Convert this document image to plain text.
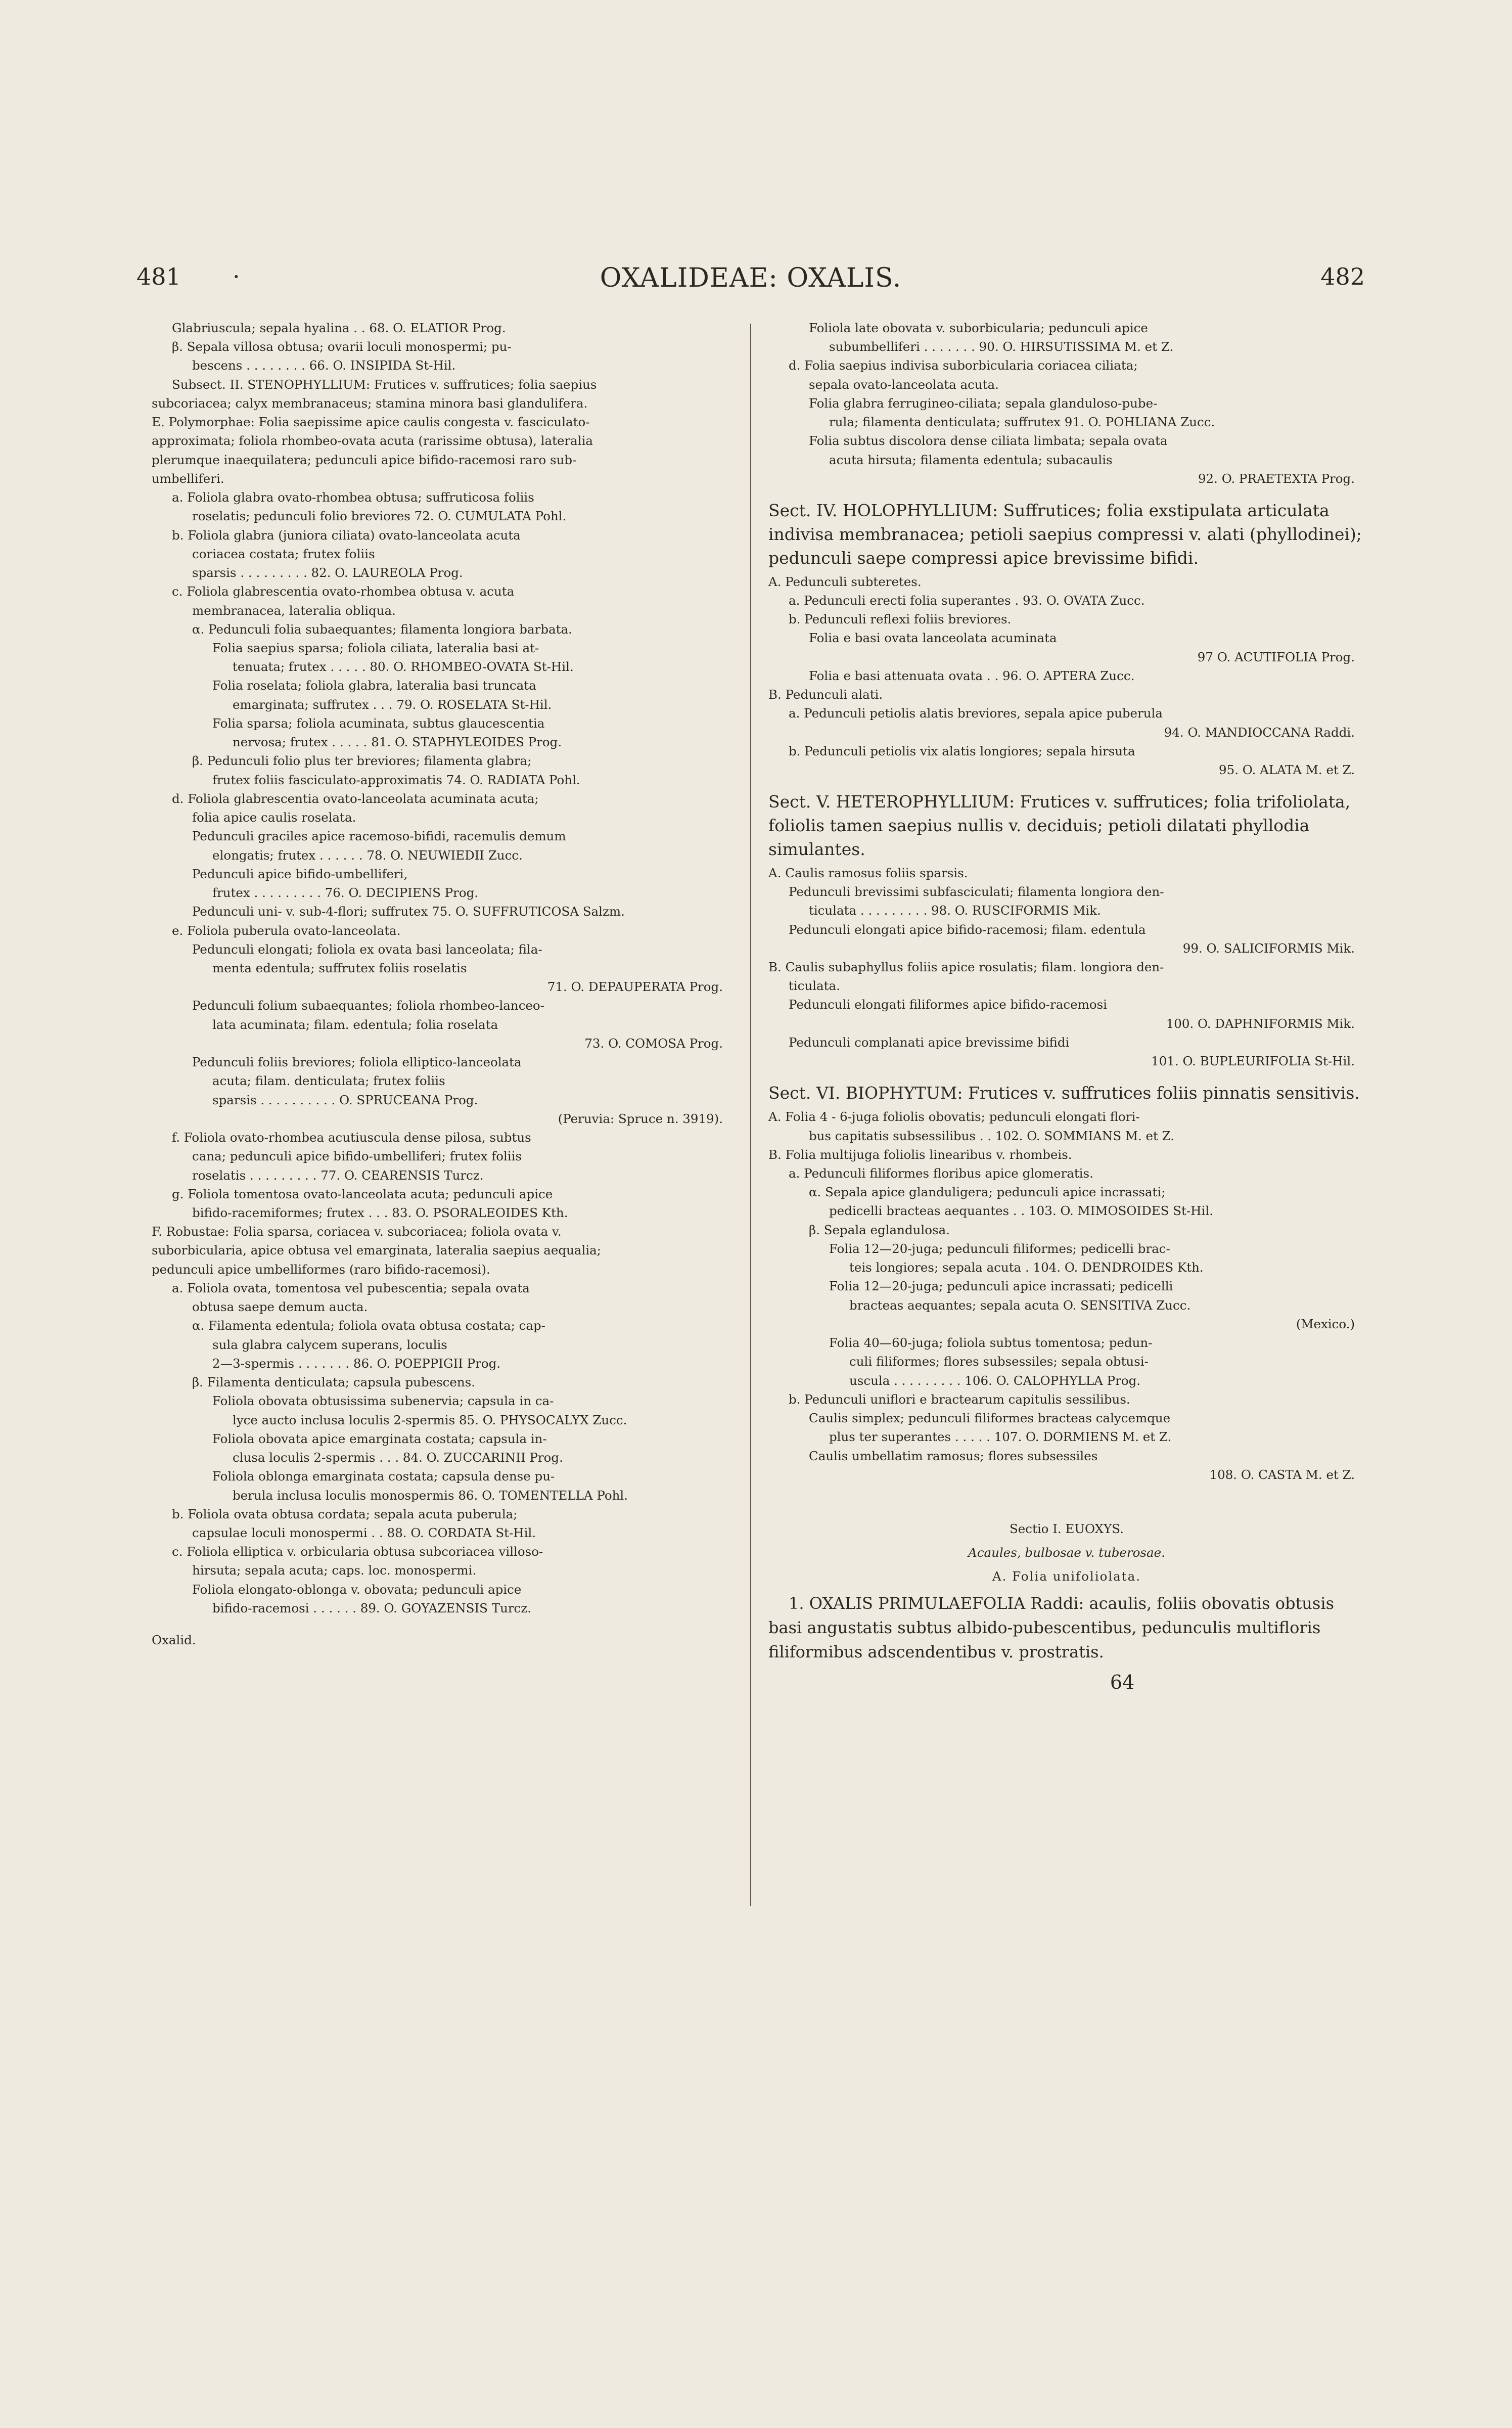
481 ·	OXALIDEAE: OXALIS.	482

Glabriuscula; sepala hyalina . . 68. O. ELATIOR Prog.

β. Sepala villosa obtusa; ovarii loculi monospermi; pu-

bescens . . . . . . . . 66. O. INSIPIDA St-Hil.

Subsect. II. STENOPHYLLIUM: Frutices v. suffrutices; folia saepius

subcoriacea; calyx membranaceus; stamina minora basi glandulifera.

E. Polymorphae: Folia saepissime apice caulis congesta v. fasciculato-

approximata; foliola rhombeo-ovata acuta (rarissime obtusa), lateralia

plerumque inaequilatera; pedunculi apice bifido-racemosi raro sub-

umbelliferi.

a. Foliola glabra ovato-rhombea obtusa; suffruticosa foliis

roselatis; pedunculi folio breviores 72. O. CUMULATA Pohl.

b. Foliola glabra (juniora ciliata) ovato-lanceolata acuta

coriacea costata; frutex foliis

sparsis . . . . . . . . . 82. O. LAUREOLA Prog.

c. Foliola glabrescentia ovato-rhombea obtusa v. acuta

membranacea, lateralia obliqua.

α. Pedunculi folia subaequantes; filamenta longiora barbata.

Folia saepius sparsa; foliola ciliata, lateralia basi at-

tenuata; frutex . . . . . 80. O. RHOMBEO-OVATA St-Hil.

Folia roselata; foliola glabra, lateralia basi truncata

emarginata; suffrutex . . . 79. O. ROSELATA St-Hil.

Folia sparsa; foliola acuminata, subtus glaucescentia

nervosa; frutex . . . . . 81. O. STAPHYLEOIDES Prog.

β. Pedunculi folio plus ter breviores; filamenta glabra;

frutex foliis fasciculato-approximatis 74. O. RADIATA Pohl.

d. Foliola glabrescentia ovato-lanceolata acuminata acuta;

folia apice caulis roselata.

Pedunculi graciles apice racemoso-bifidi, racemulis demum

elongatis; frutex . . . . . . 78. O. NEUWIEDII Zucc.

Pedunculi apice bifido-umbelliferi,

frutex . . . . . . . . . 76. O. DECIPIENS Prog.

Pedunculi uni- v. sub-4-flori; suffrutex 75. O. SUFFRUTICOSA Salzm.

e. Foliola puberula ovato-lanceolata.

Pedunculi elongati; foliola ex ovata basi lanceolata; fila-

menta edentula; suffrutex foliis roselatis

71. O. DEPAUPERATA Prog.

Pedunculi folium subaequantes; foliola rhombeo-lanceo-

lata acuminata; filam. edentula; folia roselata

73. O. COMOSA Prog.

Pedunculi foliis breviores; foliola elliptico-lanceolata

acuta; filam. denticulata; frutex foliis

sparsis . . . . . . . . . . O. SPRUCEANA Prog.

(Peruvia: Spruce n. 3919).

f. Foliola ovato-rhombea acutiuscula dense pilosa, subtus

cana; pedunculi apice bifido-umbelliferi; frutex foliis

roselatis . . . . . . . . . 77. O. CEARENSIS Turcz.

g. Foliola tomentosa ovato-lanceolata acuta; pedunculi apice

bifido-racemiformes; frutex . . . 83. O. PSORALEOIDES Kth.

F. Robustae: Folia sparsa, coriacea v. subcoriacea; foliola ovata v.

suborbicularia, apice obtusa vel emarginata, lateralia saepius aequalia;

pedunculi apice umbelliformes (raro bifido-racemosi).

a. Foliola ovata, tomentosa vel pubescentia; sepala ovata

obtusa saepe demum aucta.

α. Filamenta edentula; foliola ovata obtusa costata; cap-

sula glabra calycem superans, loculis

2—3-spermis . . . . . . . 86. O. POEPPIGII Prog.

β. Filamenta denticulata; capsula pubescens.

Foliola obovata obtusissima subenervia; capsula in ca-

lyce aucto inclusa loculis 2-spermis 85. O. PHYSOCALYX Zucc.

Foliola obovata apice emarginata costata; capsula in-

clusa loculis 2-spermis . . . 84. O. ZUCCARINII Prog.

Foliola oblonga emarginata costata; capsula dense pu-

berula inclusa loculis monospermis 86. O. TOMENTELLA Pohl.

b. Foliola ovata obtusa cordata; sepala acuta puberula;

capsulae loculi monospermi . . 88. O. CORDATA St-Hil.

c. Foliola elliptica v. orbicularia obtusa subcoriacea villoso-

hirsuta; sepala acuta; caps. loc. monospermi.

Foliola elongato-oblonga v. obovata; pedunculi apice

bifido-racemosi . . . . . . 89. O. GOYAZENSIS Turcz.

Oxalid.

Foliola late obovata v. suborbicularia; pedunculi apice

subumbelliferi . . . . . . . 90. O. HIRSUTISSIMA M. et Z.

d. Folia saepius indivisa suborbicularia coriacea ciliata;

sepala ovato-lanceolata acuta.

Folia glabra ferrugineo-ciliata; sepala glanduloso-pube-

rula; filamenta denticulata; suffrutex 91. O. POHLIANA Zucc.

Folia subtus discolora dense ciliata limbata; sepala ovata

acuta hirsuta; filamenta edentula; subacaulis

92. O. PRAETEXTA Prog.

Sect. IV. HOLOPHYLLIUM: Suffrutices; folia exstipulata articulata indivisa membranacea; petioli saepius compressi v. alati (phyllodinei); pedunculi saepe compressi apice brevissime bifidi.

A. Pedunculi subteretes.

a. Pedunculi erecti folia superantes . 93. O. OVATA Zucc.

b. Pedunculi reflexi foliis breviores.

Folia e basi ovata lanceolata acuminata

97 O. ACUTIFOLIA Prog.

Folia e basi attenuata ovata . . 96. O. APTERA Zucc.

B. Pedunculi alati.

a. Pedunculi petiolis alatis breviores, sepala apice puberula

94. O. MANDIOCCANA Raddi.

b. Pedunculi petiolis vix alatis longiores; sepala hirsuta

95. O. ALATA M. et Z.

Sect. V. HETEROPHYLLIUM: Frutices v. suffrutices; folia trifoliolata, foliolis tamen saepius nullis v. deciduis; petioli dilatati phyllodia simulantes.

A. Caulis ramosus foliis sparsis.

Pedunculi brevissimi subfasciculati; filamenta longiora den-

ticulata . . . . . . . . . 98. O. RUSCIFORMIS Mik.

Pedunculi elongati apice bifido-racemosi; filam. edentula

99. O. SALICIFORMIS Mik.

B. Caulis subaphyllus foliis apice rosulatis; filam. longiora den-

ticulata.

Pedunculi elongati filiformes apice bifido-racemosi

100. O. DAPHNIFORMIS Mik.

Pedunculi complanati apice brevissime bifidi

101. O. BUPLEURIFOLIA St-Hil.

Sect. VI. BIOPHYTUM: Frutices v. suffrutices foliis pinnatis sensitivis.

A. Folia 4 - 6-juga foliolis obovatis; pedunculi elongati flori-

bus capitatis subsessilibus . . 102. O. SOMMIANS M. et Z.

B. Folia multijuga foliolis linearibus v. rhombeis.

a. Pedunculi filiformes floribus apice glomeratis.

α. Sepala apice glanduligera; pedunculi apice incrassati;

pedicelli bracteas aequantes . . 103. O. MIMOSOIDES St-Hil.

β. Sepala eglandulosa.

Folia 12—20-juga; pedunculi filiformes; pedicelli brac-

teis longiores; sepala acuta . 104. O. DENDROIDES Kth.

Folia 12—20-juga; pedunculi apice incrassati; pedicelli

bracteas aequantes; sepala acuta O. SENSITIVA Zucc.

(Mexico.)

Folia 40—60-juga; foliola subtus tomentosa; pedun-

culi filiformes; flores subsessiles; sepala obtusi-

uscula . . . . . . . . . 106. O. CALOPHYLLA Prog.

b. Pedunculi uniflori e bractearum capitulis sessilibus.

Caulis simplex; pedunculi filiformes bracteas calycemque

plus ter superantes . . . . . 107. O. DORMIENS M. et Z.

Caulis umbellatim ramosus; flores subsessiles

108. O. CASTA M. et Z.

Sectio I. EUOXYS.

Acaules, bulbosae v. tuberosae.

A. Folia unifoliolata.

1. OXALIS PRIMULAEFOLIA Raddi: acaulis, foliis obovatis obtusis basi angustatis subtus albido-pubescentibus, pedunculis multifloris filiformibus adscendentibus v. prostratis.

64
